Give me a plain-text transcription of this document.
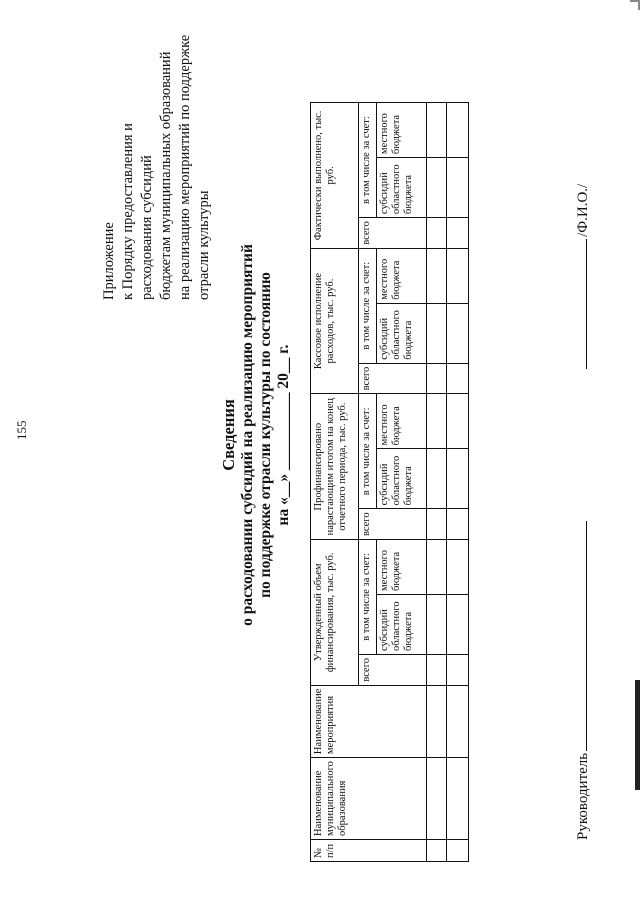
155
Приложение к Порядку предоставления и расходования субсидий бюджетам муниципальных образований на реализацию мероприятий по поддержке отрасли культуры
Сведения о расходовании субсидий на реализацию мероприятий по поддержке отрасли культуры по состоянию на «__» __________ 20__ г.
№ п/п	Наименование муниципального образования	Наименование мероприятия	Утвержденный объем финансирования, тыс. руб.			Профинансировано нарастающим итогом на конец отчетного периода, тыс. руб.			Кассовое исполнение расходов, тыс. руб.			Фактически выполнено, тыс. руб.		
			всего	в том числе за счет:		всего	в том числе за счет:		всего	в том числе за счет:		всего	в том числе за счет:	
				субсидий областного бюджета	местного бюджета		субсидий областного бюджета	местного бюджета		субсидий областного бюджета	местного бюджета		субсидий областного бюджета	местного бюджета

Руководитель/Ф.И.О./
